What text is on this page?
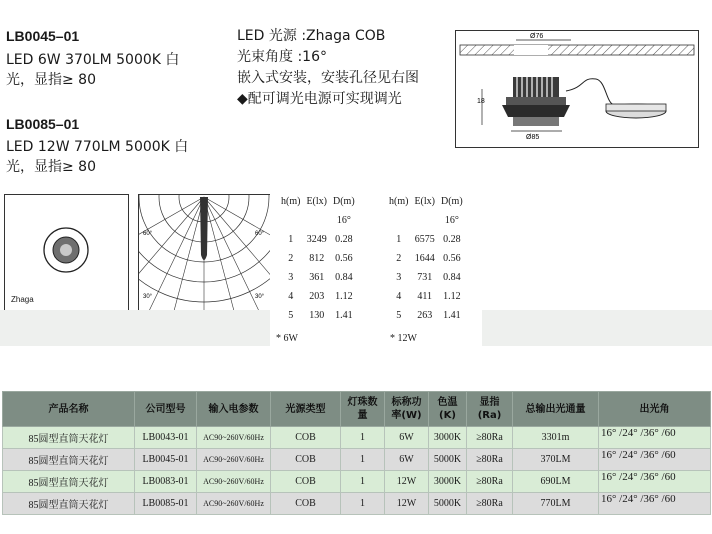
LB0045–01
LED 6W 370LM 5000K 白
光，显指≥ 80
LB0085–01
LED 12W 770LM 5000K 白
光，显指≥ 80
LED 光源 :Zhaga COB
光束角度 :16°
嵌入式安装，安装孔径见右图
◆配可调光电源可实现调光
Ø76
18
Ø85
Zhaga
60°	60°
30°	30°
h(m)	E(lx)	D(m)
		16°
1	3249	0.28
2	812	0.56
3	361	0.84
4	203	1.12
5	130	1.41
* 6W
h(m)	E(lx)	D(m)
		16°
1	6575	0.28
2	1644	0.56
3	731	0.84
4	411	1.12
5	263	1.41
* 12W
产品名称	公司型号	输入电参数	光源类型	灯珠数量	标称功率(W)	色温(K)	显指(Ra)	总输出光通量	出光角
85圆型直筒天花灯	LB0043-01	AC90~260V/60Hz	COB	1	6W	3000K	≥80Ra	3301m	16° /24° /36° /60
85圆型直筒天花灯	LB0045-01	AC90~260V/60Hz	COB	1	6W	5000K	≥80Ra	370LM	16° /24° /36° /60
85圆型直筒天花灯	LB0083-01	AC90~260V/60Hz	COB	1	12W	3000K	≥80Ra	690LM	16° /24° /36° /60
85圆型直筒天花灯	LB0085-01	AC90~260V/60Hz	COB	1	12W	5000K	≥80Ra	770LM	16° /24° /36° /60
